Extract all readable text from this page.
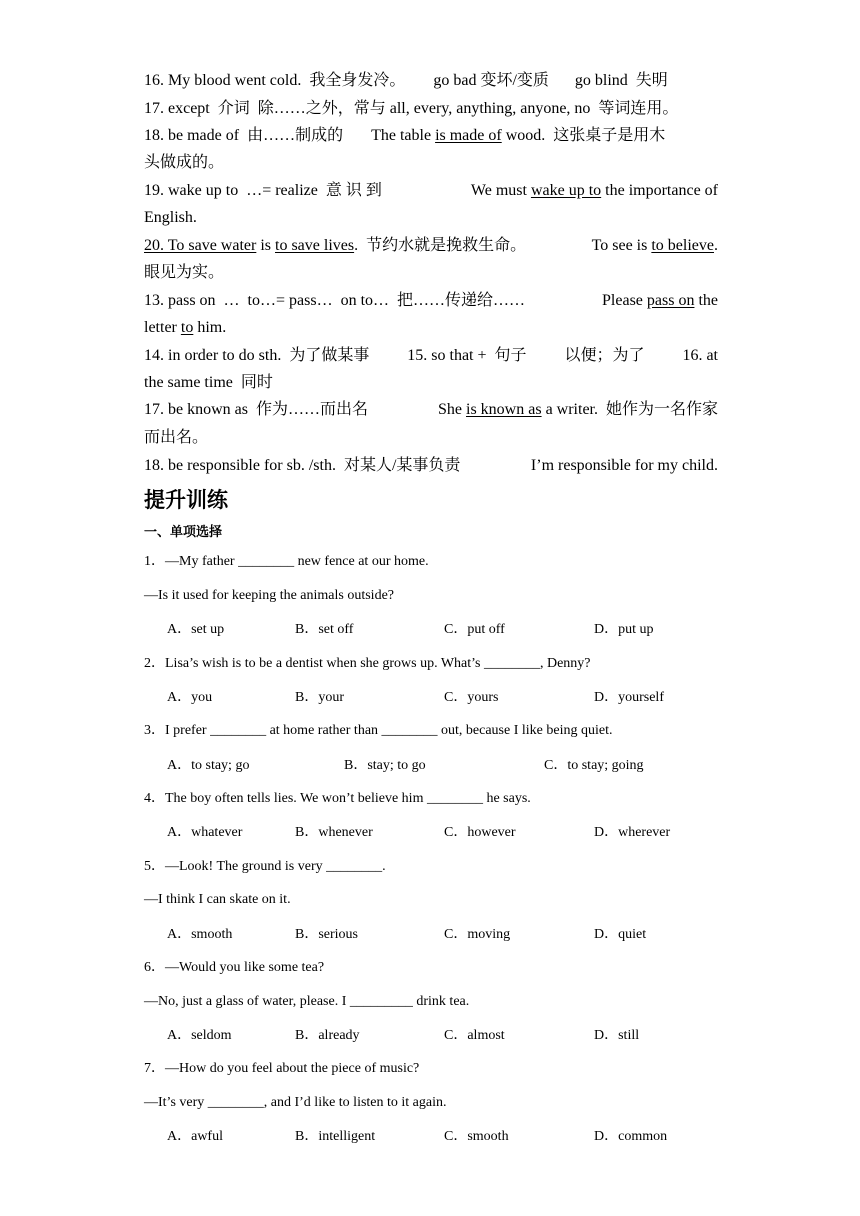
16. My blood went cold. 我全身发冷。 go bad 变坏/变质 go blind  失明
17. except  介词  除……之外，常与 all, every, anything, anyone, no  等词连用。
18. be made of  由……制成的 The table is made of wood.  这张桌子是用木
头做成的。
19. wake up to  …= realize  意 识 到	We must wake up to the importance of
English.
20. To save water is to save lives.  节约水就是挽救生命。	To see is to believe.
眼见为实。
13. pass on  …  to…= pass…  on to…  把……传递给……	Please pass on the
letter to him.
14. in order to do sth.  为了做某事 15. so that +  句子 以便；为了 16. at
the same time  同时
17. be known as  作为……而出名	She is known as a writer.  她作为一名作家
而出名。
18. be responsible for sb. /sth.  对某人/某事负责	I’m responsible for my child.
提升训练
一、单项选择
1．—My father ________ new fence at our home.
—Is it used for keeping the animals outside?
A．set up	B．set off	C．put off	D．put up
2．Lisa’s wish is to be a dentist when she grows up. What’s ________, Denny?
A．you	B．your	C．yours	D．yourself
3．I prefer ________ at home rather than ________ out, because I like being quiet.
A．to stay; go	B．stay; to go	C．to stay; going
4．The boy often tells lies. We won’t believe him ________ he says.
A．whatever	B．whenever	C．however	D．wherever
5．—Look! The ground is very ________.
—I think I can skate on it.
A．smooth	B．serious	C．moving	D．quiet
6．—Would you like some tea?
—No, just a glass of water, please. I _________ drink tea.
A．seldom	B．already	C．almost	D．still
7．—How do you feel about the piece of music?
—It’s very ________, and I’d like to listen to it again.
A．awful	B．intelligent	C．smooth	D．common
